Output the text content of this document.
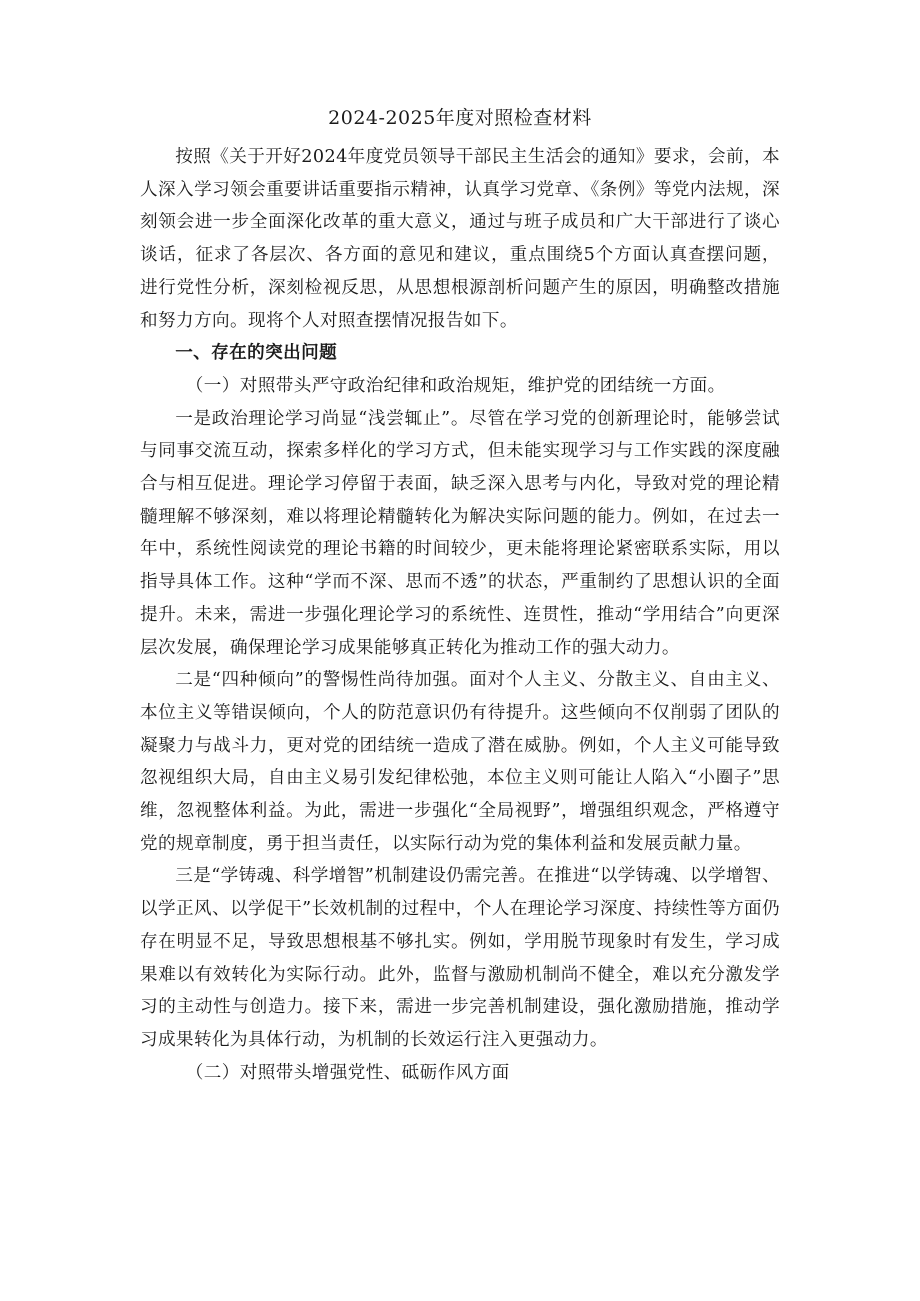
2024-2025年度对照检查材料

按照《关于开好2024年度党员领导干部民主生活会的通知》要求，会前，本人深入学习领会重要讲话重要指示精神，认真学习党章、《条例》等党内法规，深刻领会进一步全面深化改革的重大意义，通过与班子成员和广大干部进行了谈心谈话，征求了各层次、各方面的意见和建议，重点围绕5个方面认真查摆问题，进行党性分析，深刻检视反思，从思想根源剖析问题产生的原因，明确整改措施和努力方向。现将个人对照查摆情况报告如下。

一、存在的突出问题

（一）对照带头严守政治纪律和政治规矩，维护党的团结统一方面。

一是政治理论学习尚显“浅尝辄止”。尽管在学习党的创新理论时，能够尝试与同事交流互动，探索多样化的学习方式，但未能实现学习与工作实践的深度融合与相互促进。理论学习停留于表面，缺乏深入思考与内化，导致对党的理论精髓理解不够深刻，难以将理论精髓转化为解决实际问题的能力。例如，在过去一年中，系统性阅读党的理论书籍的时间较少，更未能将理论紧密联系实际，用以指导具体工作。这种“学而不深、思而不透”的状态，严重制约了思想认识的全面提升。未来，需进一步强化理论学习的系统性、连贯性，推动“学用结合”向更深层次发展，确保理论学习成果能够真正转化为推动工作的强大动力。

二是“四种倾向”的警惕性尚待加强。面对个人主义、分散主义、自由主义、本位主义等错误倾向，个人的防范意识仍有待提升。这些倾向不仅削弱了团队的凝聚力与战斗力，更对党的团结统一造成了潜在威胁。例如，个人主义可能导致忽视组织大局，自由主义易引发纪律松弛，本位主义则可能让人陷入“小圈子”思维，忽视整体利益。为此，需进一步强化“全局视野”，增强组织观念，严格遵守党的规章制度，勇于担当责任，以实际行动为党的集体利益和发展贡献力量。

三是“学铸魂、科学增智”机制建设仍需完善。在推进“以学铸魂、以学增智、以学正风、以学促干”长效机制的过程中，个人在理论学习深度、持续性等方面仍存在明显不足，导致思想根基不够扎实。例如，学用脱节现象时有发生，学习成果难以有效转化为实际行动。此外，监督与激励机制尚不健全，难以充分激发学习的主动性与创造力。接下来，需进一步完善机制建设，强化激励措施，推动学习成果转化为具体行动，为机制的长效运行注入更强动力。

（二）对照带头增强党性、砥砺作风方面
